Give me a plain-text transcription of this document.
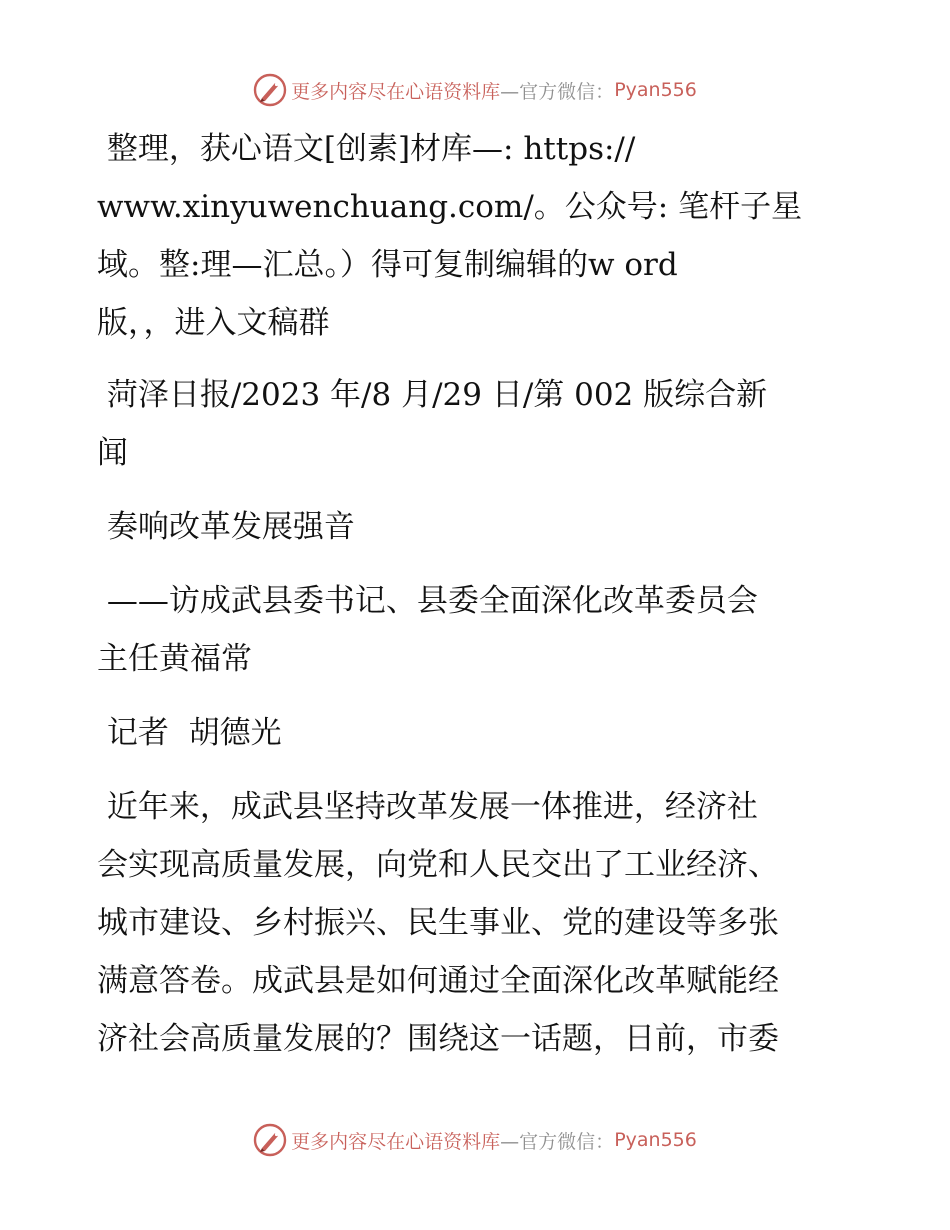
更多内容尽在心语资料库 —官方微信： Pyan556

整理，获心语文[创素]材库—: https://
www.xinyuwenchuang.com/。公众号: 笔杆子星
域。整:理—汇总。）得可复制编辑的w ord
版，，进入文稿群

菏泽日报/2023 年/8 月/29 日/第 002 版综合新
闻

奏响改革发展强音

——访成武县委书记、县委全面深化改革委员会
主任黄福常

记者  胡德光

近年来，成武县坚持改革发展一体推进，经济社
会实现高质量发展，向党和人民交出了工业经济、
城市建设、乡村振兴、民生事业、党的建设等多张
满意答卷。成武县是如何通过全面深化改革赋能经
济社会高质量发展的？围绕这一话题，日前，市委

更多内容尽在心语资料库 —官方微信： Pyan556
